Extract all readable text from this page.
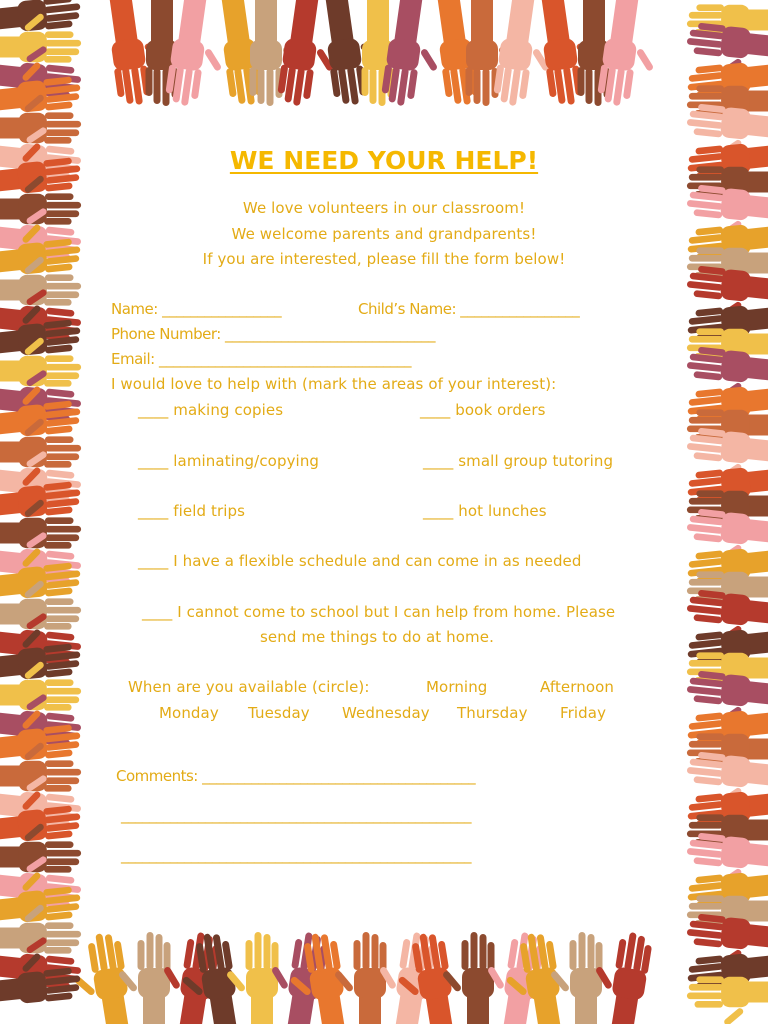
WE NEED YOUR HELP!
We love volunteers in our classroom!
We welcome parents and grandparents!
If you are interested, please fill the form below!
Name: _________________	Child’s Name: _________________
Phone Number: ______________________________
Email: ____________________________________
I would love to help with (mark the areas of your interest):
____ making copies	____ book orders
____ laminating/copying	____ small group tutoring
____ field trips	____ hot lunches
____ I have a flexible schedule and can come in as needed
____ I cannot come to school but I can help from home. Please
send me things to do at home.
When are you available (circle):	Morning	Afternoon
Monday Tuesday Wednesday Thursday Friday
Comments: _______________________________________
__________________________________________________
__________________________________________________
